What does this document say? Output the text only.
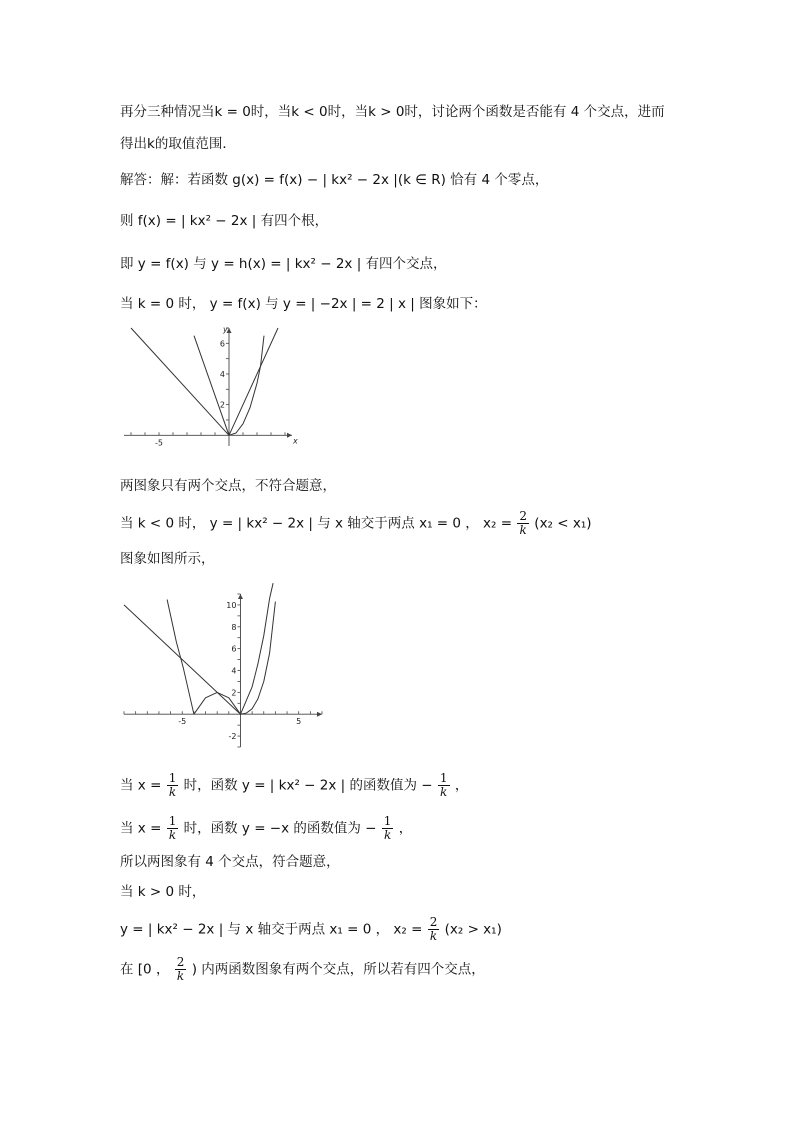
再分三种情况当k = 0时，当k < 0时，当k > 0时，讨论两个函数是否能有 4 个交点，进而
得出k的取值范围．
解答：解：若函数 g(x) = f(x) − | kx² − 2x |(k ∈ R) 恰有 4 个零点，
则 f(x) = | kx² − 2x | 有四个根，
即 y = f(x) 与 y = h(x) = | kx² − 2x | 有四个交点，
当 k = 0 时， y = f(x) 与 y = | −2x | = 2 | x | 图象如下：
-5
2
4
6
x
y
两图象只有两个交点，不符合题意，
当 k < 0 时， y = | kx² − 2x | 与 x 轴交于两点 x₁ = 0 ， $x_2 = \frac{2}{k} (x_2 < x_1)$
图象如图所示，
-5	5
-2
2
4
6
8
10
当 $x = \frac{1}{k}$ 时，函数 y = | kx² − 2x | 的函数值为 − $\frac{1}{k}$ ，
当 $x = \frac{1}{k}$ 时，函数 y = −x 的函数值为 − $\frac{1}{k}$ ，
所以两图象有 4 个交点，符合题意，
当 k > 0 时，
y = | kx² − 2x | 与 x 轴交于两点 x₁ = 0 ， $x_2 = \frac{2}{k} (x_2 > x_1)$
在 [0 ， $\frac{2}{k}$ ) 内两函数图象有两个交点，所以若有四个交点，
